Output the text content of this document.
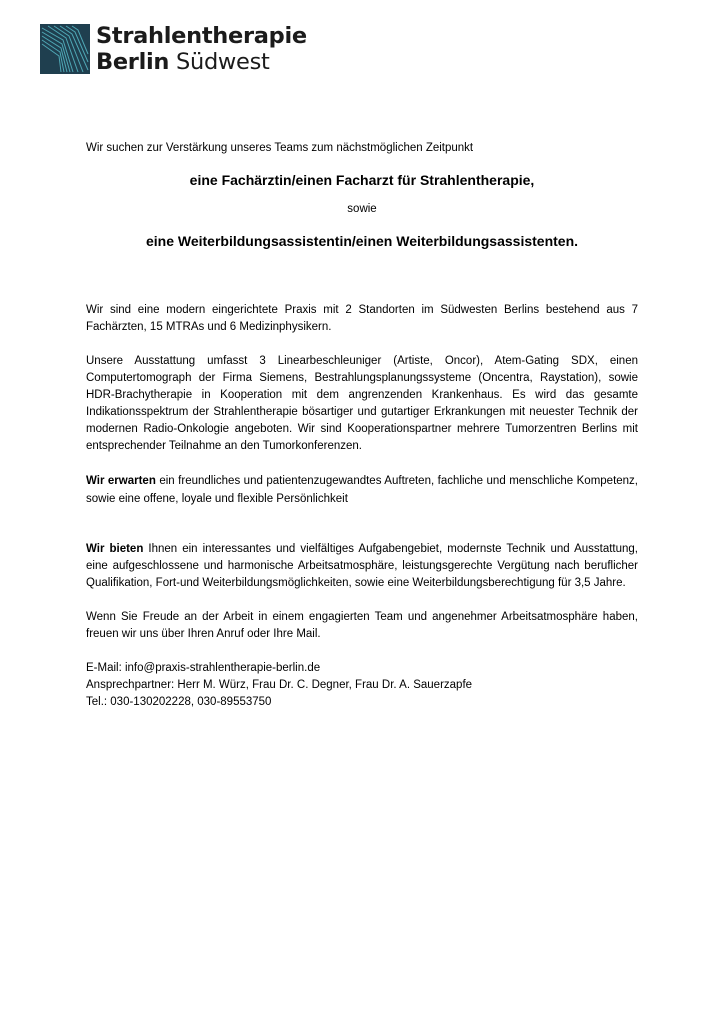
Strahlentherapie
Berlin Südwest

Wir suchen zur Verstärkung unseres Teams zum nächstmöglichen Zeitpunkt

eine Fachärztin/einen Facharzt für Strahlentherapie,

sowie

eine Weiterbildungsassistentin/einen Weiterbildungsassistenten.

Wir sind eine modern eingerichtete Praxis mit 2 Standorten im Südwesten Berlins bestehend aus 7 Fachärzten, 15 MTRAs und 6 Medizinphysikern.

Unsere Ausstattung umfasst 3 Linearbeschleuniger (Artiste, Oncor), Atem-Gating SDX, einen Computertomograph der Firma Siemens, Bestrahlungsplanungssysteme (Oncentra, Raystation), sowie HDR-Brachytherapie in Kooperation mit dem angrenzenden Krankenhaus. Es wird das gesamte Indikationsspektrum der Strahlentherapie bösartiger und gutartiger Erkrankungen mit neuester Technik der modernen Radio-Onkologie angeboten. Wir sind Kooperationspartner mehrere Tumorzentren Berlins mit entsprechender Teilnahme an den Tumorkonferenzen.

Wir erwarten ein freundliches und patientenzugewandtes Auftreten, fachliche und menschliche Kompetenz, sowie eine offene, loyale und flexible Persönlichkeit

Wir bieten Ihnen ein interessantes und vielfältiges Aufgabengebiet, modernste Technik und Ausstattung, eine aufgeschlossene und harmonische Arbeitsatmosphäre, leistungsgerechte Vergütung nach beruflicher Qualifikation, Fort-und Weiterbildungsmöglichkeiten, sowie eine Weiterbildungsberechtigung für 3,5 Jahre.

Wenn Sie Freude an der Arbeit in einem engagierten Team und angenehmer Arbeitsatmosphäre haben, freuen wir uns über Ihren Anruf oder Ihre Mail.

E-Mail: info@praxis-strahlentherapie-berlin.de

Ansprechpartner: Herr M. Würz, Frau Dr. C. Degner, Frau Dr. A. Sauerzapfe

Tel.: 030-130202228, 030-89553750
